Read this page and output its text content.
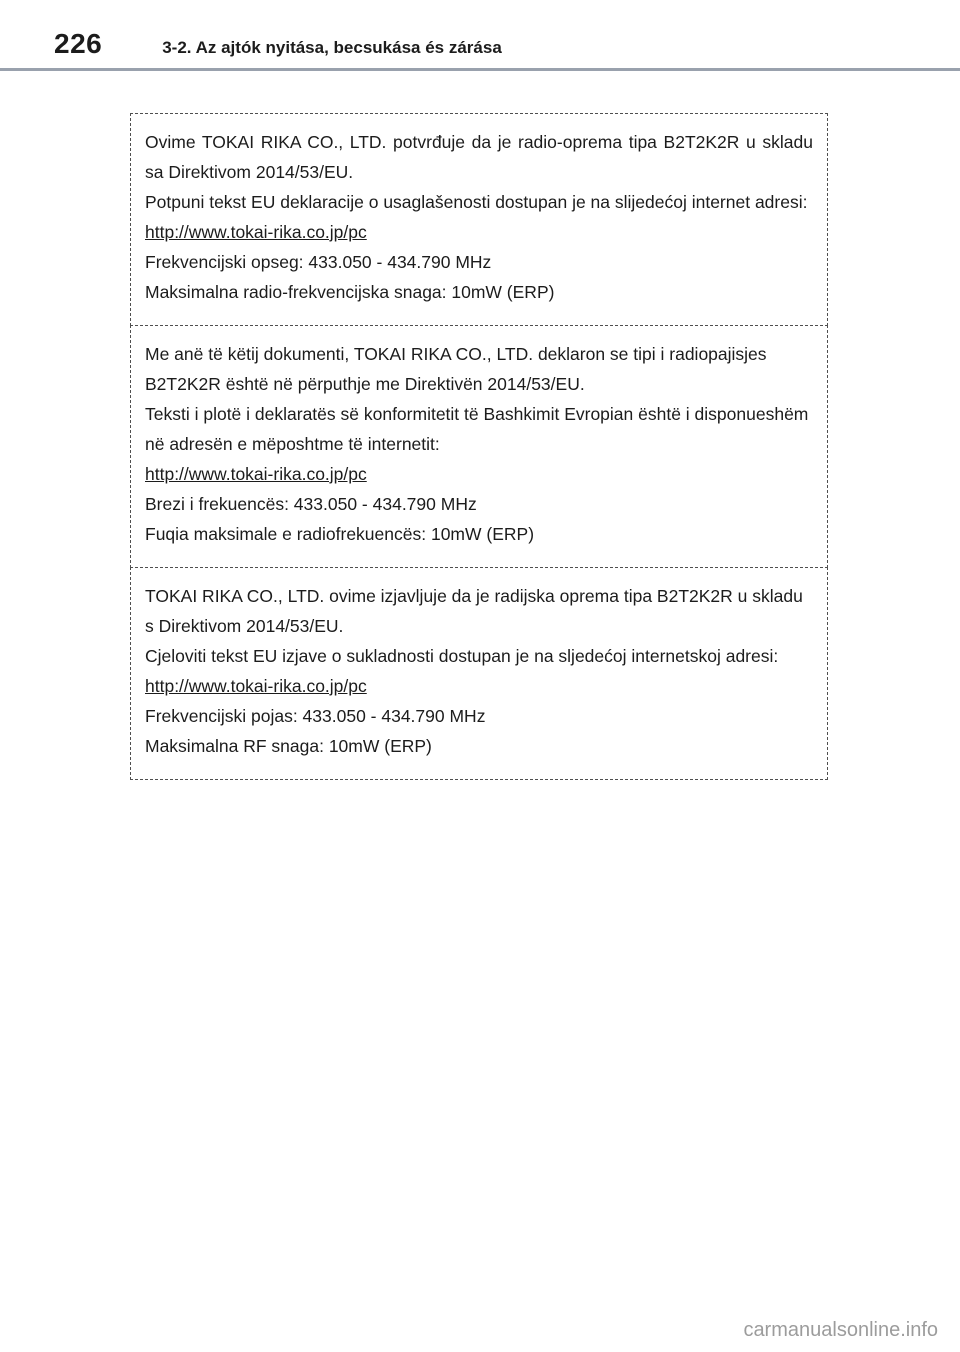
226	3-2. Az ajtók nyitása, becsukása és zárása

Ovime TOKAI RIKA CO., LTD. potvrđuje da je radio-oprema tipa B2T2K2R u skladu sa Direktivom 2014/53/EU.

Potpuni tekst EU deklaracije o usaglašenosti dostupan je na slijedećoj internet adresi:

http://www.tokai-rika.co.jp/pc

Frekvencijski opseg: 433.050 - 434.790 MHz

Maksimalna radio-frekvencijska snaga: 10mW (ERP)

Me anë të këtij dokumenti, TOKAI RIKA CO., LTD. deklaron se tipi i radiopajisjes B2T2K2R është në përputhje me Direktivën 2014/53/EU.

Teksti i plotë i deklaratës së konformitetit të Bashkimit Evropian është i disponueshëm në adresën e mëposhtme të internetit:

http://www.tokai-rika.co.jp/pc

Brezi i frekuencës: 433.050 - 434.790 MHz

Fuqia maksimale e radiofrekuencës: 10mW (ERP)

TOKAI RIKA CO., LTD. ovime izjavljuje da je radijska oprema tipa B2T2K2R u skladu s Direktivom 2014/53/EU.

Cjeloviti tekst EU izjave o sukladnosti dostupan je na sljedećoj internetskoj adresi:

http://www.tokai-rika.co.jp/pc

Frekvencijski pojas: 433.050 - 434.790 MHz

Maksimalna RF snaga: 10mW (ERP)

carmanualsonline.info
